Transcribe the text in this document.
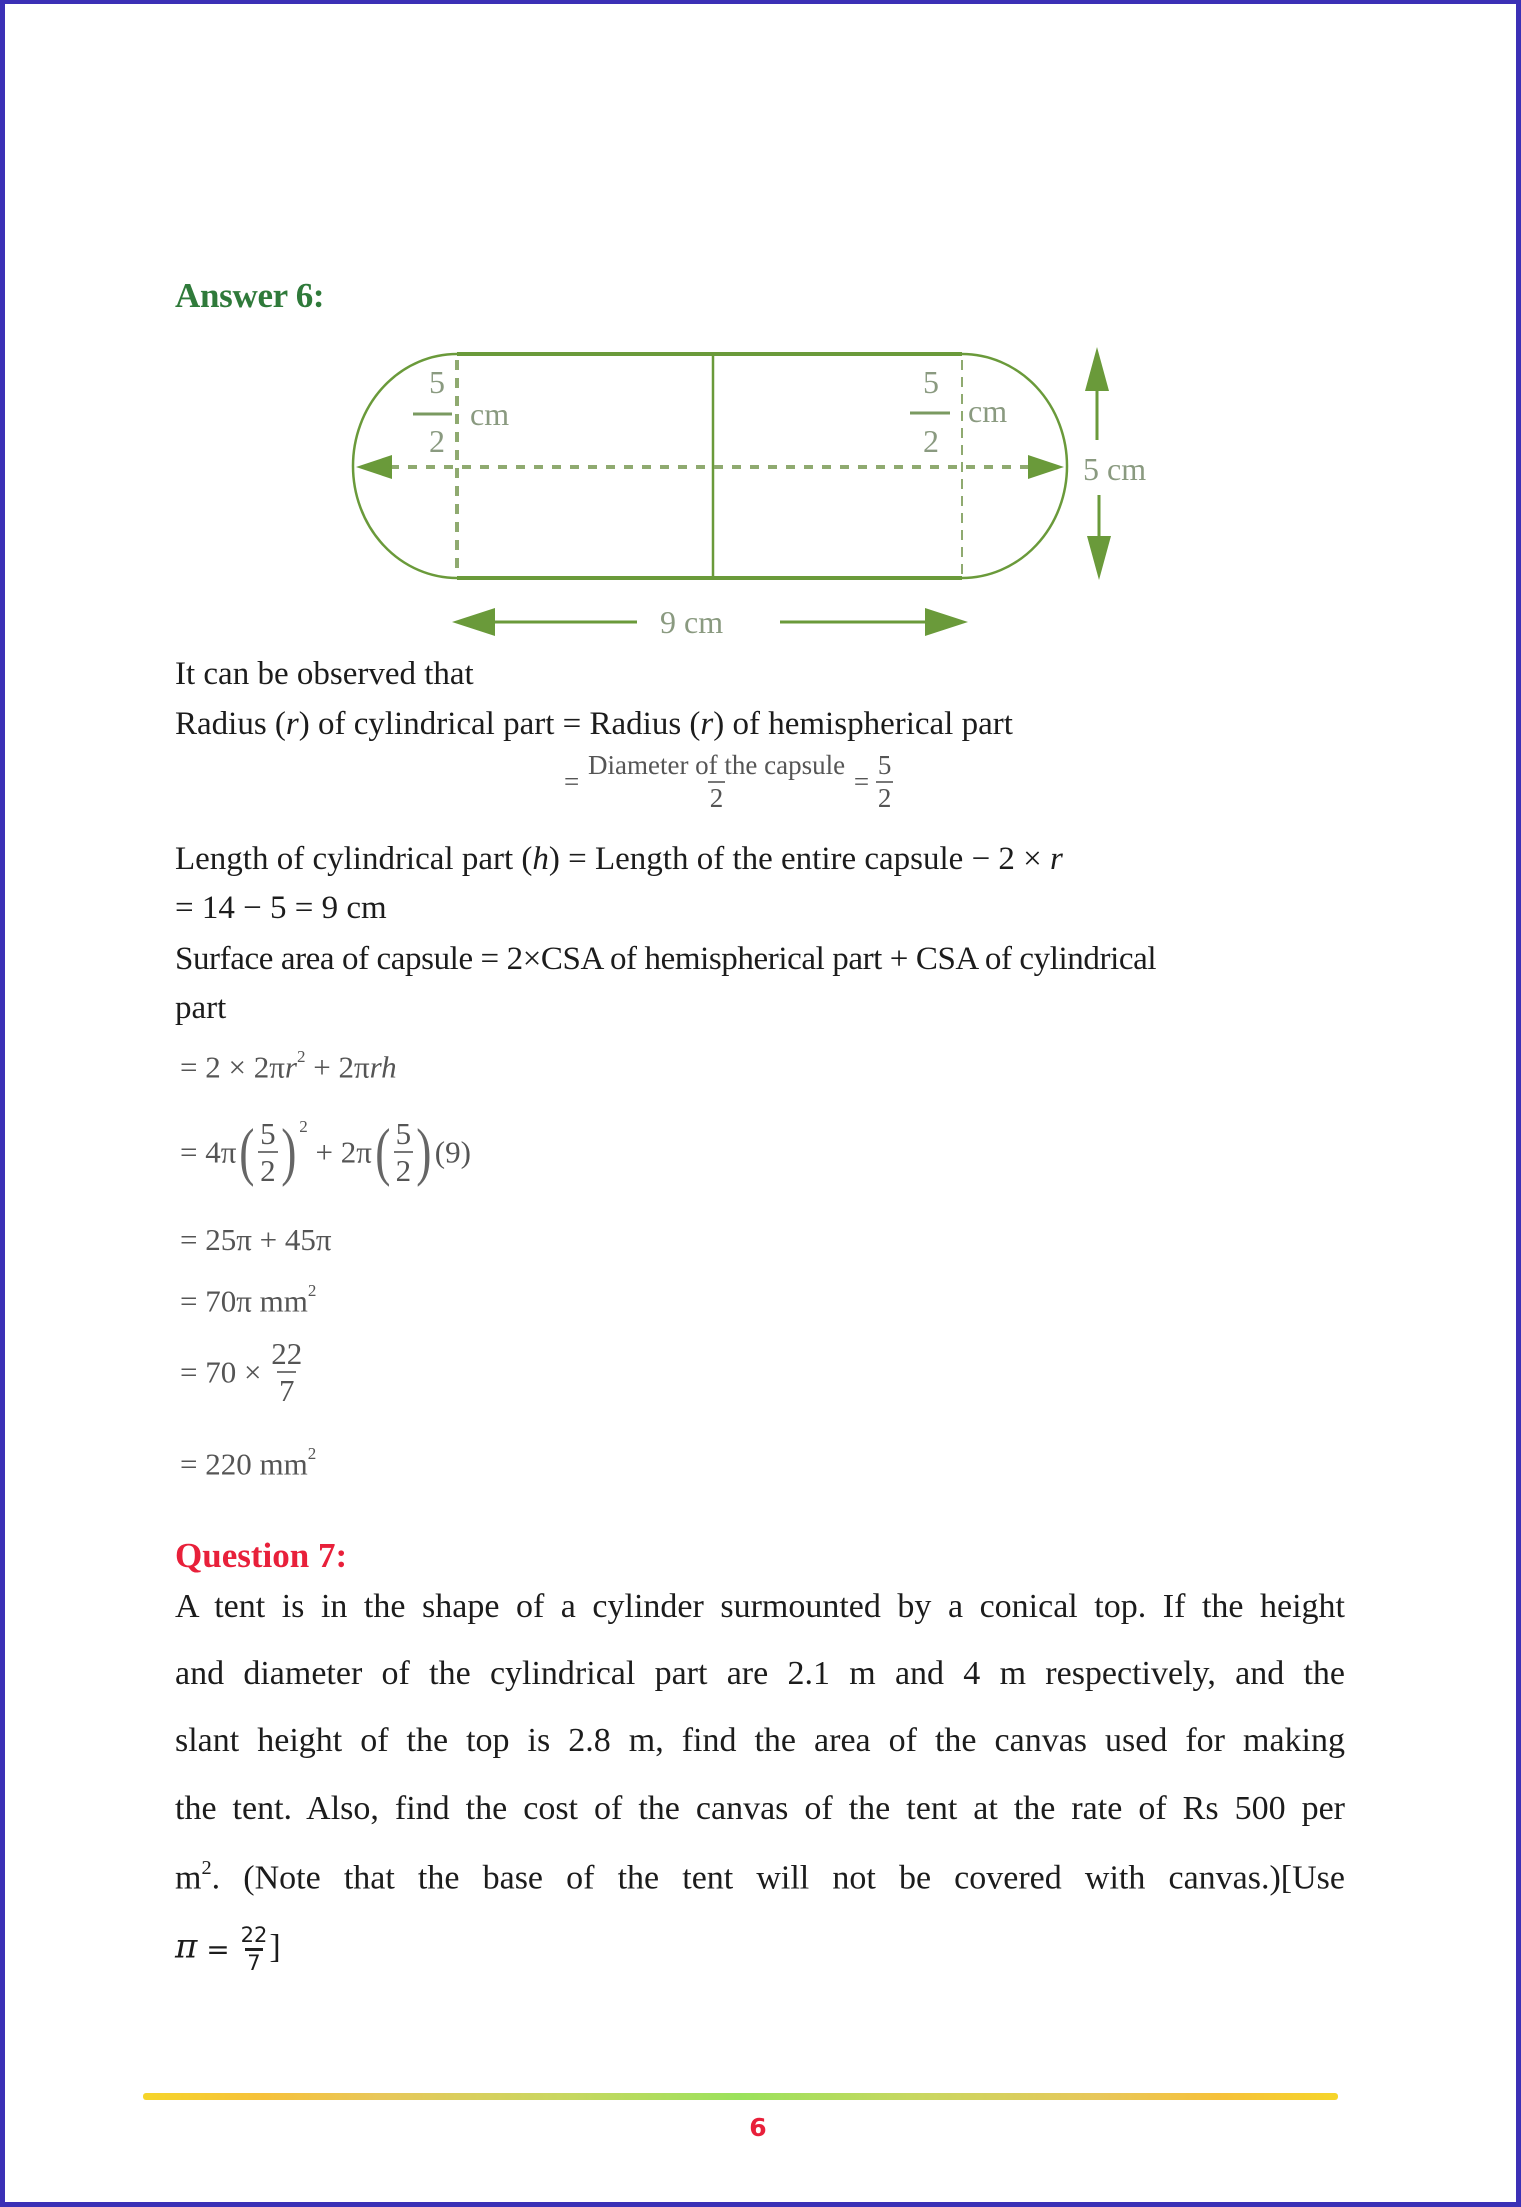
Answer 6:
5
2
cm
5
2
cm
5 cm
9 cm
It can be observed that
Radius (r) of cylindrical part = Radius (r) of hemispherical part
= $\frac{\text{Diameter of the capsule}}{2} = \frac{5}{2}$
Length of cylindrical part (h) = Length of the entire capsule − 2 × r
= 14 − 5 = 9 cm
Surface area of capsule = 2×CSA of hemispherical part + CSA of cylindrical
part
= $2 \times 2\pi r^2 + 2\pi rh$
= $4\pi( \frac{5}{2}$ ) $^2 + 2\pi( \frac{5}{2}$ ) (9)
= 25π + 45π
= 70π $mm^2$
= $70 \times \frac{22}{7}$
= 220 $mm^2$
Question 7:
A tent is in the shape of a cylinder surmounted by a conical top. If the height
and diameter of the cylindrical part are 2.1 m and 4 m respectively, and the
slant height of the top is 2.8 m, find the area of the canvas used for making
the tent. Also, find the cost of the canvas of the tent at the rate of Rs 500 per
$m^2$. (Note that the base of the tent will not be covered with canvas.)[Use
$\pi = \frac{22}{7}$ ]
6
